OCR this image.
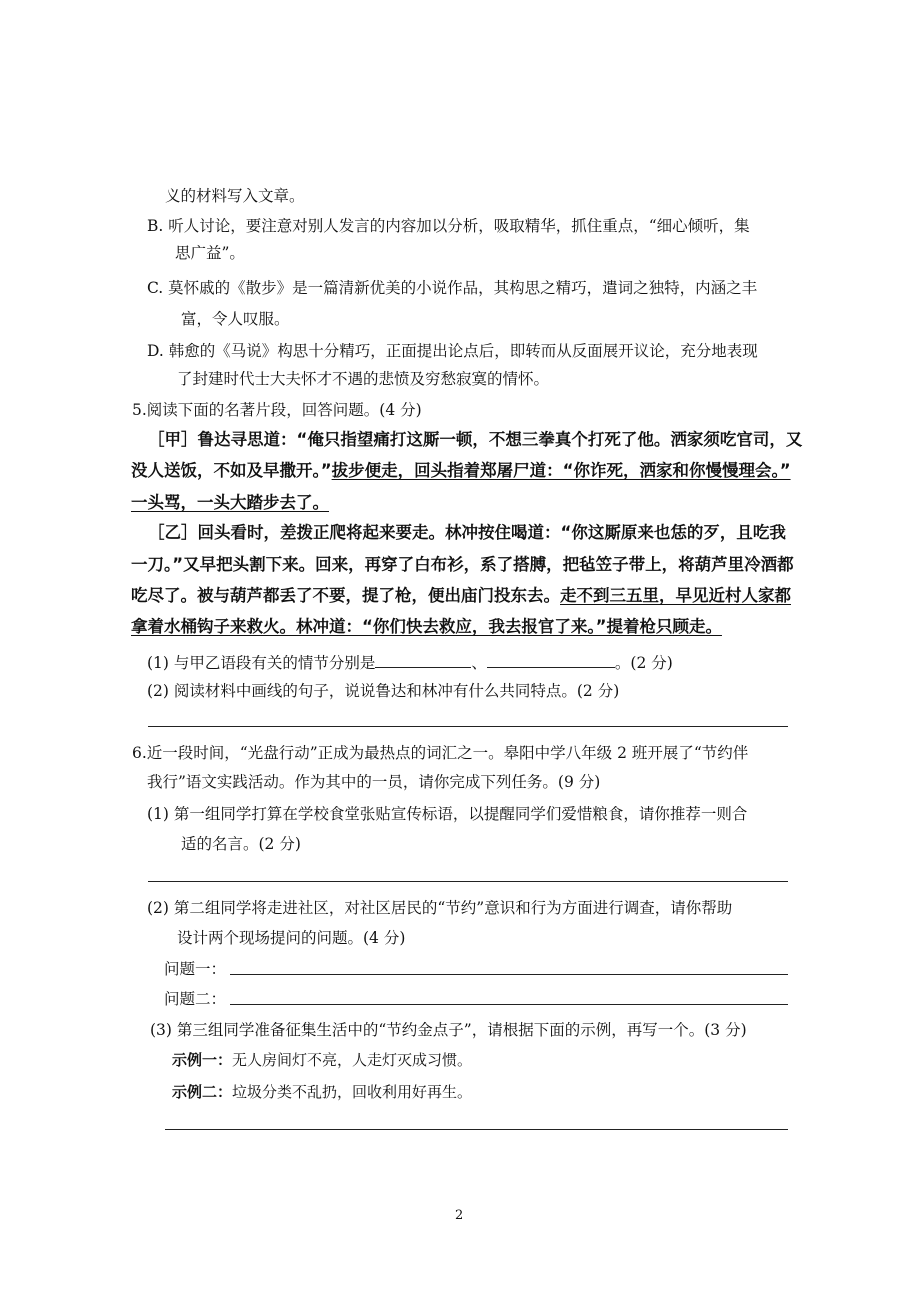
义的材料写入文章。
B. 听人讨论，要注意对别人发言的内容加以分析，吸取精华，抓住重点，“细心倾听，集
思广益”。
C. 莫怀戚的《散步》是一篇清新优美的小说作品，其构思之精巧，遣词之独特，内涵之丰
富，令人叹服。
D. 韩愈的《马说》构思十分精巧，正面提出论点后，即转而从反面展开议论，充分地表现
了封建时代士大夫怀才不遇的悲愤及穷愁寂寞的情怀。
5.阅读下面的名著片段，回答问题。(4 分)
［甲］鲁达寻思道：“俺只指望痛打这厮一顿，不想三拳真个打死了他。洒家须吃官司，又
没人送饭，不如及早撒开。”拔步便走，回头指着郑屠尸道：“你诈死，洒家和你慢慢理会。”
一头骂，一头大踏步去了。
［乙］回头看时，差拨正爬将起来要走。林冲按住喝道：“你这厮原来也恁的歹，且吃我
一刀。”又早把头割下来。回来，再穿了白布衫，系了搭膊，把毡笠子带上，将葫芦里冷酒都
吃尽了。被与葫芦都丢了不要，提了枪，便出庙门投东去。走不到三五里，早见近村人家都
拿着水桶钩子来救火。林冲道：“你们快去救应，我去报官了来。”提着枪只顾走。
(1) 与甲乙语段有关的情节分别是	、	。(2 分)
(2) 阅读材料中画线的句子，说说鲁达和林冲有什么共同特点。(2 分)
6.近一段时间，“光盘行动”正成为最热点的词汇之一。皋阳中学八年级 2 班开展了“节约伴
我行”语文实践活动。作为其中的一员，请你完成下列任务。(9 分)
(1) 第一组同学打算在学校食堂张贴宣传标语，以提醒同学们爱惜粮食，请你推荐一则合
适的名言。(2 分)
(2) 第二组同学将走进社区，对社区居民的“节约”意识和行为方面进行调查，请你帮助
设计两个现场提问的问题。(4 分)
问题一：
问题二：
(3) 第三组同学准备征集生活中的“节约金点子”，请根据下面的示例，再写一个。(3 分)
示例一：无人房间灯不亮，人走灯灭成习惯。
示例二：垃圾分类不乱扔，回收利用好再生。
2
